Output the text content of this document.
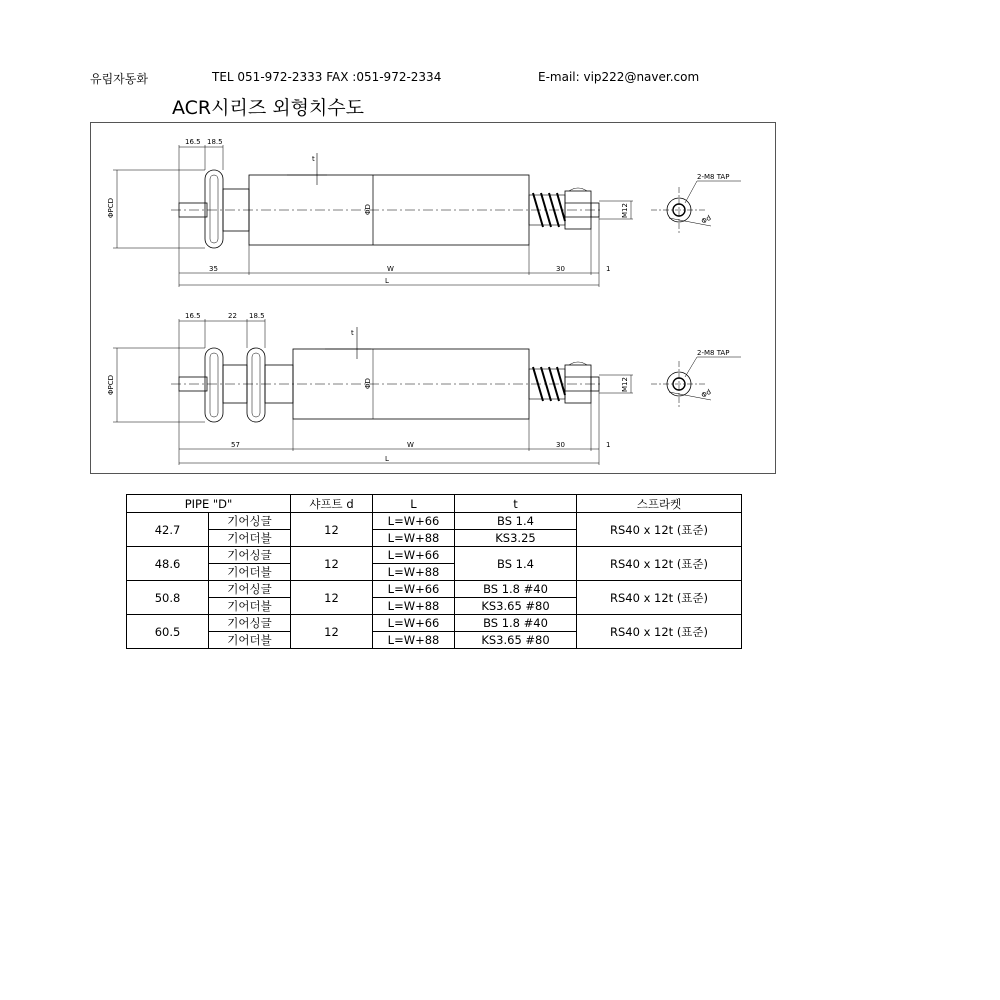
유림자동화	TEL 051-972-2333 FAX :051-972-2334	E-mail: vip222@naver.com
ACR시리즈 외형치수도
t
ΦD
ΦPCD
16.5 18.5
M12
35	W	30	1
L
2-M8 TAP
Φd
t
ΦD
ΦPCD
16.5	22 18.5
M12
57	W	30	1
L
2-M8 TAP
Φd
PIPE "D"		샤프트 d	L	t	스프라켓
42.7	기어싱글	12	L=W+66	BS 1.4	RS40 x 12t (표준)
	기어더블		L=W+88	KS3.25	
48.6	기어싱글	12	L=W+66	BS 1.4	RS40 x 12t (표준)
	기어더블		L=W+88		
50.8	기어싱글	12	L=W+66	BS 1.8 #40	RS40 x 12t (표준)
	기어더블		L=W+88	KS3.65 #80	
60.5	기어싱글	12	L=W+66	BS 1.8 #40	RS40 x 12t (표준)
	기어더블		L=W+88	KS3.65 #80	
